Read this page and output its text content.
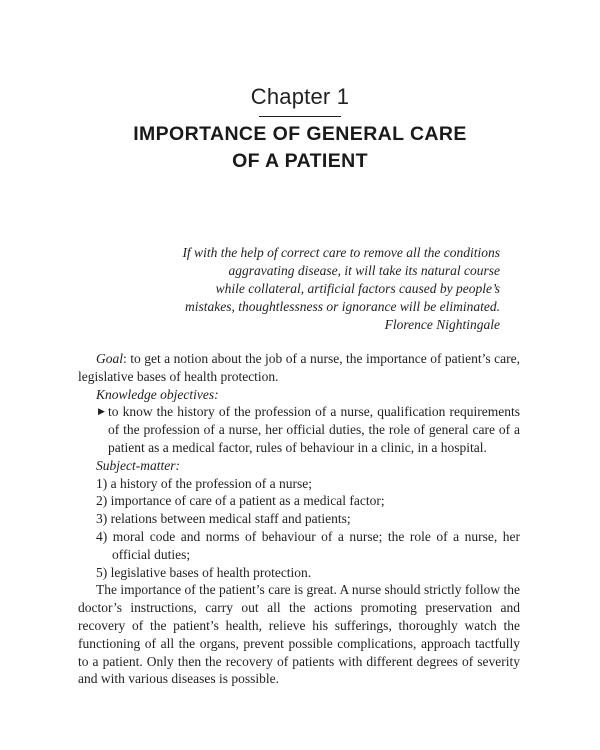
Chapter 1
IMPORTANCE OF GENERAL CARE
OF A PATIENT
If with the help of correct care to remove all the conditions
aggravating disease, it will take its natural course
while collateral, artificial factors caused by people’s
mistakes, thoughtlessness or ignorance will be eliminated.
Florence Nightingale

Goal: to get a notion about the job of a nurse, the importance of patient’s care, legislative bases of health protection.

Knowledge objectives:

▶ to know the history of the profession of a nurse, qualification requirements of the profession of a nurse, her official duties, the role of general care of a patient as a medical factor, rules of behaviour in a clinic, in a hospital.

Subject-matter:

1) a history of the profession of a nurse;

2) importance of care of a patient as a medical factor;

3) relations between medical staff and patients;

4) moral code and norms of behaviour of a nurse; the role of a nurse, her official duties;

5) legislative bases of health protection.

The importance of the patient’s care is great. A nurse should strictly follow the doctor’s instructions, carry out all the actions promoting preservation and recovery of the patient’s health, relieve his sufferings, thoroughly watch the functioning of all the organs, prevent possible complications, approach tactfully to a patient. Only then the recovery of patients with different degrees of severity and with various diseases is possible.
